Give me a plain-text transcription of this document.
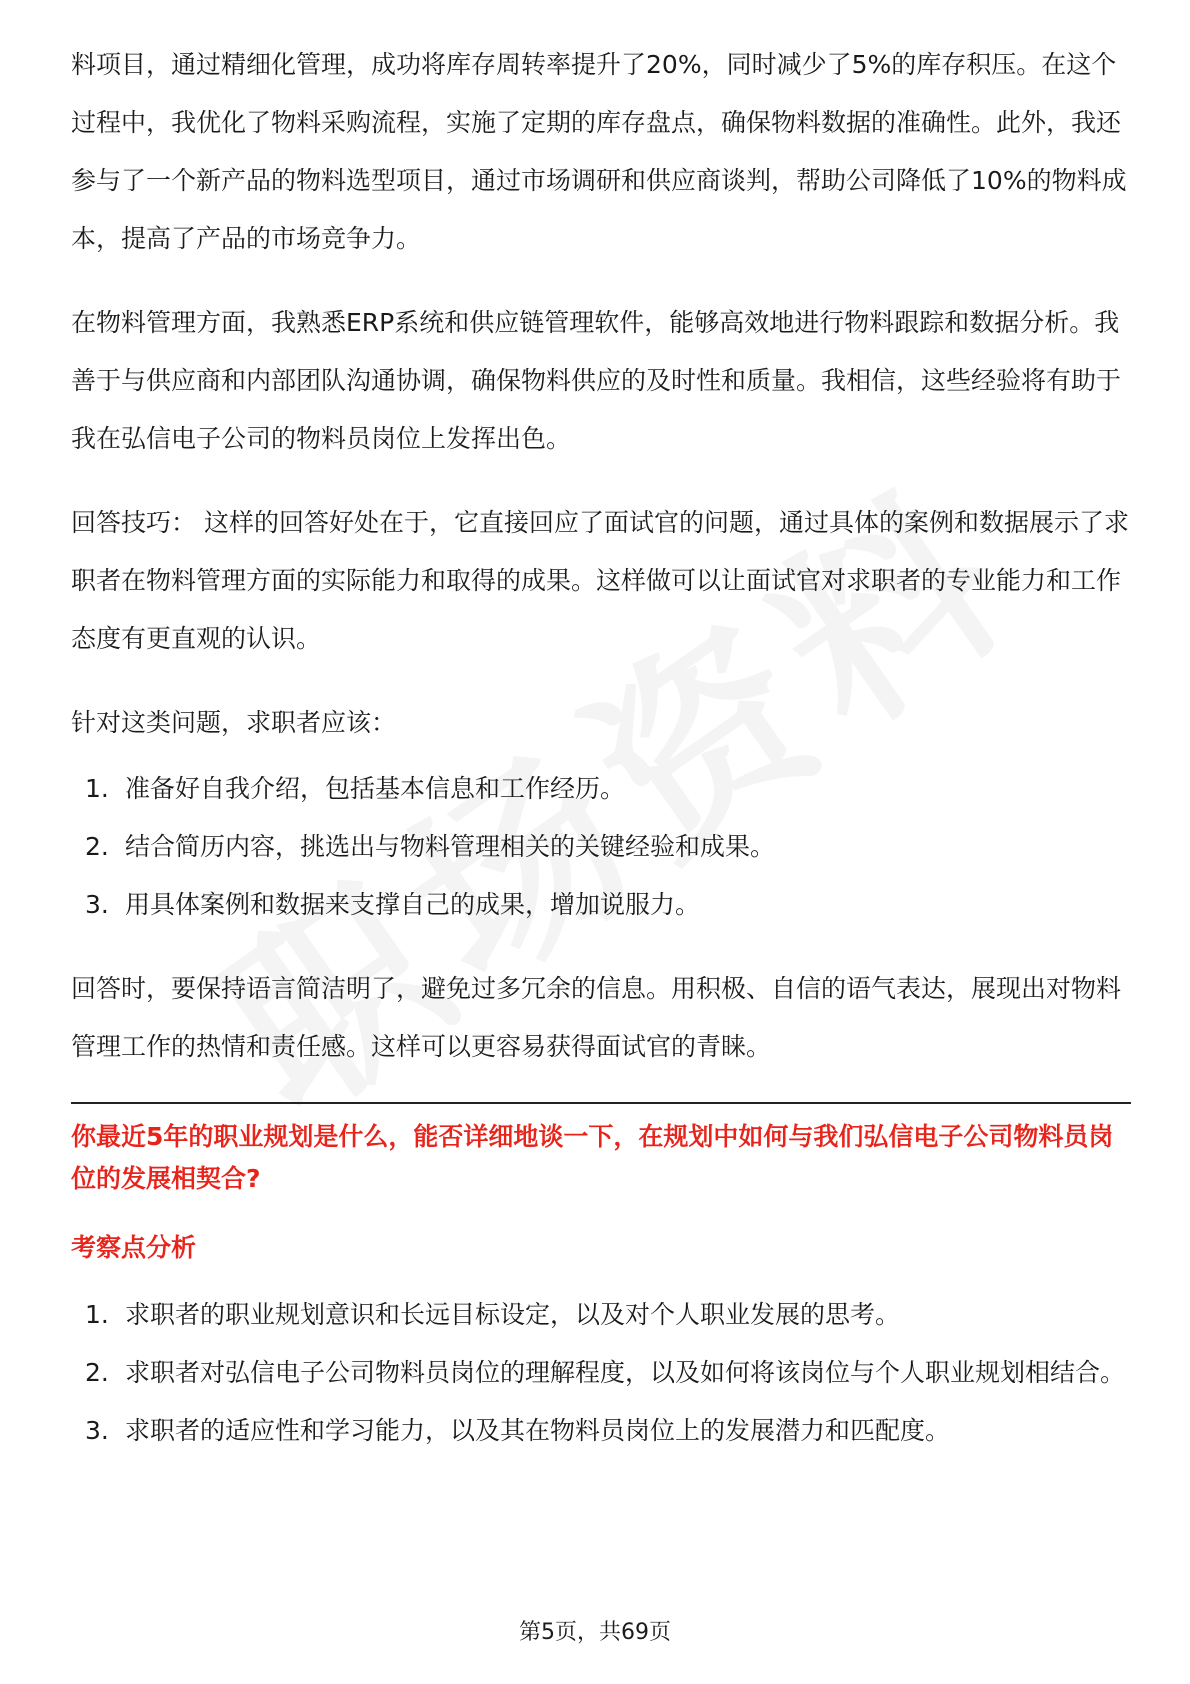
料项目，通过精细化管理，成功将库存周转率提升了20%，同时减少了5%的库存积压。在这个过程中，我优化了物料采购流程，实施了定期的库存盘点，确保物料数据的准确性。此外，我还参与了一个新产品的物料选型项目，通过市场调研和供应商谈判，帮助公司降低了10%的物料成本，提高了产品的市场竞争力。

在物料管理方面，我熟悉ERP系统和供应链管理软件，能够高效地进行物料跟踪和数据分析。我善于与供应商和内部团队沟通协调，确保物料供应的及时性和质量。我相信，这些经验将有助于我在弘信电子公司的物料员岗位上发挥出色。

回答技巧： 这样的回答好处在于，它直接回应了面试官的问题，通过具体的案例和数据展示了求职者在物料管理方面的实际能力和取得的成果。这样做可以让面试官对求职者的专业能力和工作态度有更直观的认识。

针对这类问题，求职者应该：

1. 准备好自我介绍，包括基本信息和工作经历。
2. 结合简历内容，挑选出与物料管理相关的关键经验和成果。
3. 用具体案例和数据来支撑自己的成果，增加说服力。

回答时，要保持语言简洁明了，避免过多冗余的信息。用积极、自信的语气表达，展现出对物料管理工作的热情和责任感。这样可以更容易获得面试官的青睐。

你最近5年的职业规划是什么，能否详细地谈一下，在规划中如何与我们弘信电子公司物料员岗位的发展相契合?

考察点分析

1. 求职者的职业规划意识和长远目标设定，以及对个人职业发展的思考。
2. 求职者对弘信电子公司物料员岗位的理解程度，以及如何将该岗位与个人职业规划相结合。
3. 求职者的适应性和学习能力，以及其在物料员岗位上的发展潜力和匹配度。
第5页，共69页
